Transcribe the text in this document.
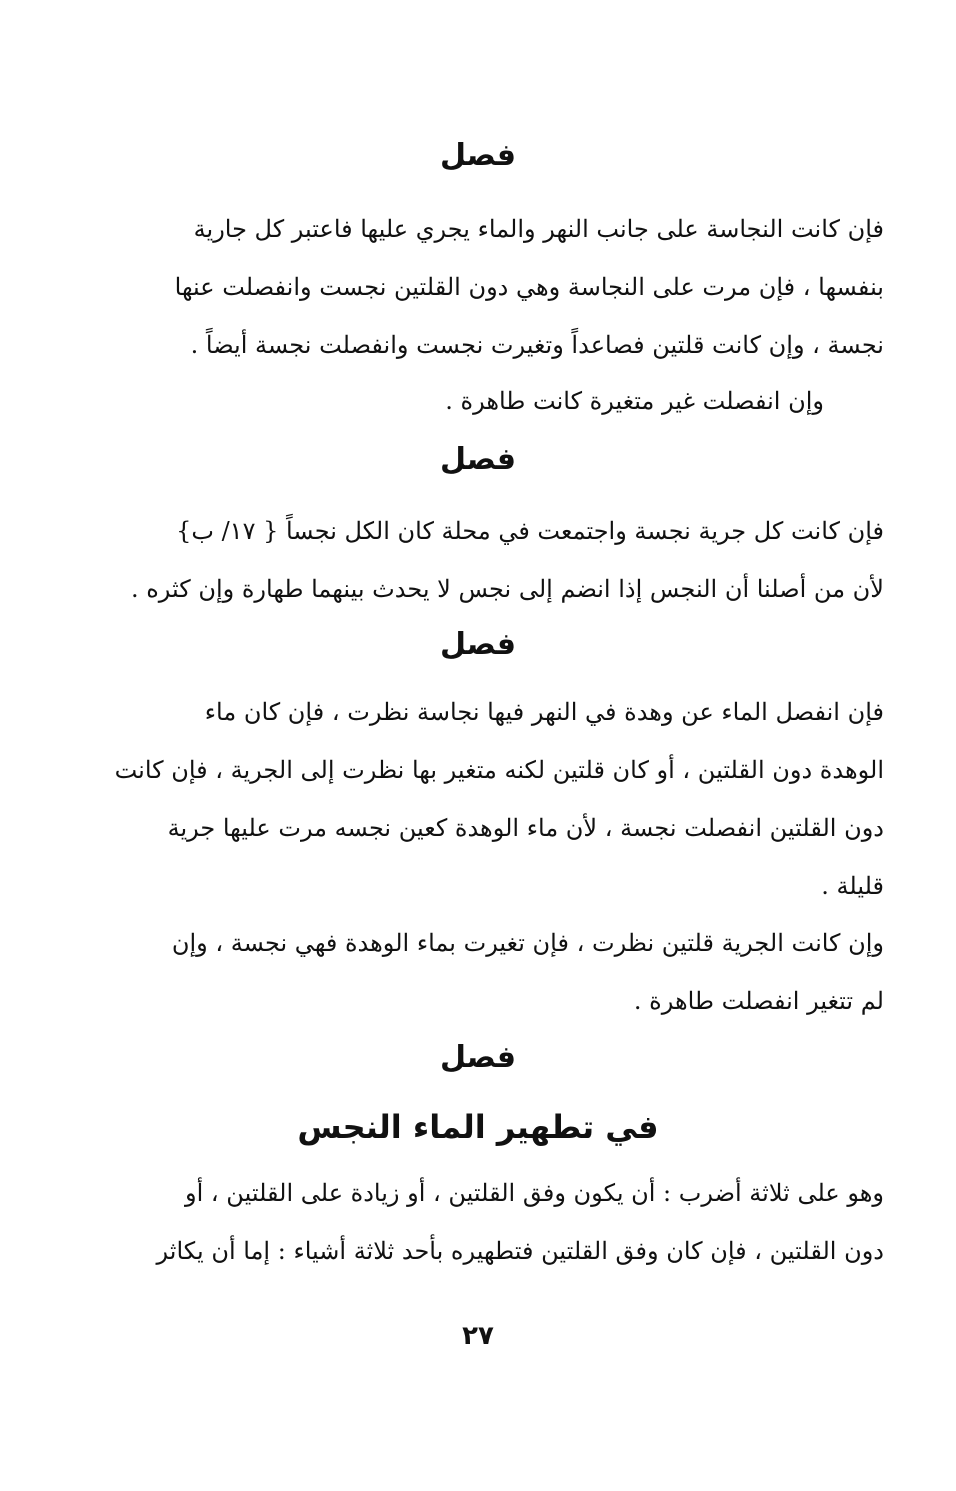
فصل
فإن كانت النجاسة على جانب النهر والماء يجري عليها فاعتبر كل جارية
بنفسها ، فإن مرت على النجاسة وهي دون القلتين نجست وانفصلت عنها
نجسة ، وإن كانت قلتين فصاعداً وتغيرت نجست وانفصلت نجسة أيضاً .
وإن انفصلت غير متغيرة كانت طاهرة .
فصل
فإن كانت كل جرية نجسة واجتمعت في محلة كان الكل نجساً { ١٧/ ب}
لأن من أصلنا أن النجس إذا انضم إلى نجس لا يحدث بينهما طهارة وإن كثره .
فصل
فإن انفصل الماء عن وهدة في النهر فيها نجاسة نظرت ، فإن كان ماء
الوهدة دون القلتين ، أو كان قلتين لكنه متغير بها نظرت إلى الجرية ، فإن كانت
دون القلتين انفصلت نجسة ، لأن ماء الوهدة كعين نجسه مرت عليها جرية
قليلة .
وإن كانت الجرية قلتين نظرت ، فإن تغيرت بماء الوهدة فهي نجسة ، وإن
لم تتغير انفصلت طاهرة .
فصل
في تطهير الماء النجس
وهو على ثلاثة أضرب : أن يكون وفق القلتين ، أو زيادة على القلتين ، أو
دون القلتين ، فإن كان وفق القلتين فتطهيره بأحد ثلاثة أشياء : إما أن يكاثر
٢٧
